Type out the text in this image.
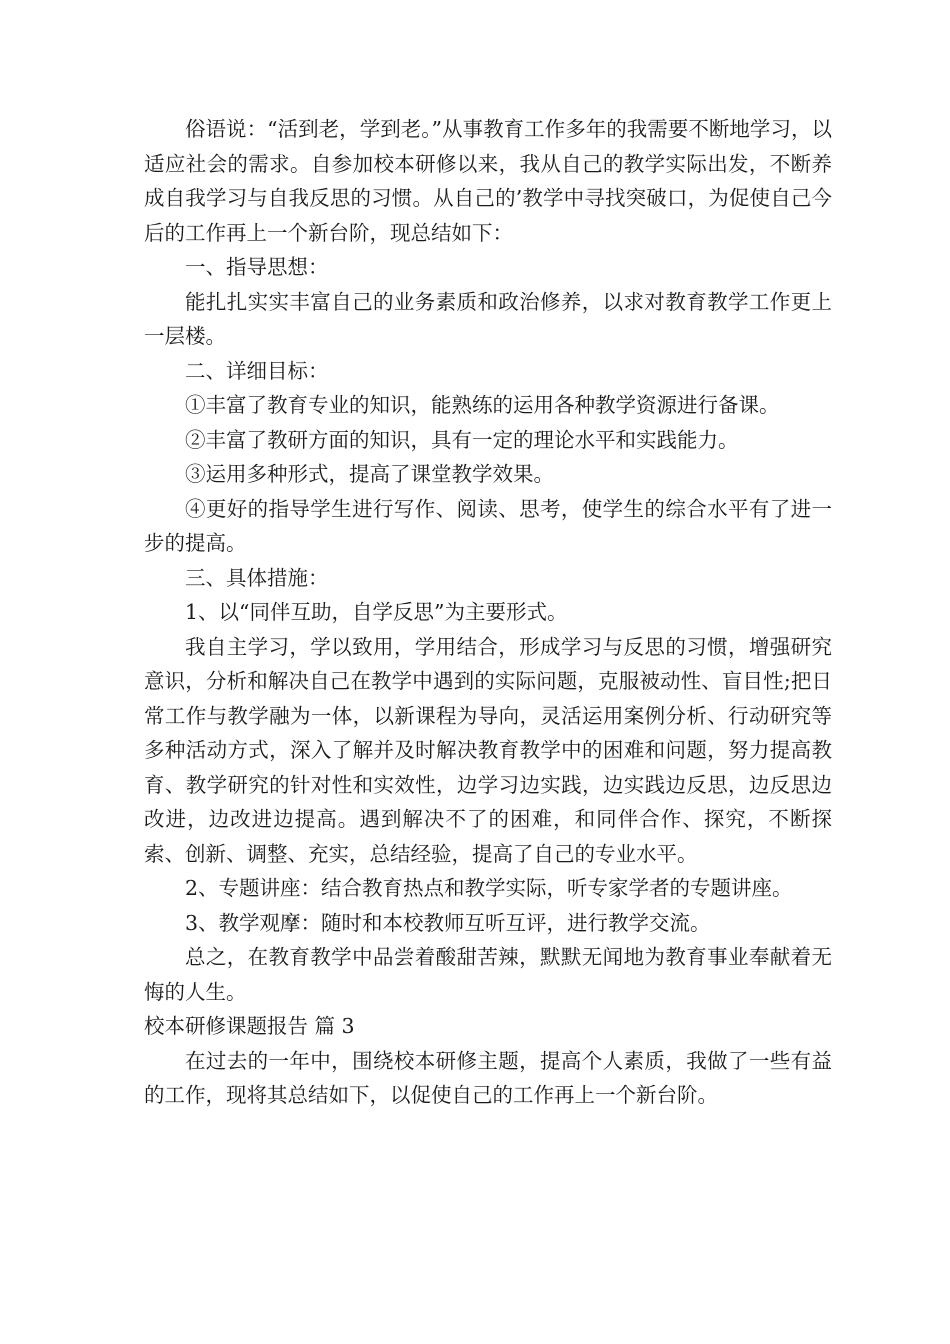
俗语说：“活到老，学到老。”从事教育工作多年的我需要不断地学习，以适应社会的需求。自参加校本研修以来，我从自己的教学实际出发，不断养成自我学习与自我反思的习惯。从自己的’教学中寻找突破口，为促使自己今后的工作再上一个新台阶，现总结如下：

一、指导思想：

能扎扎实实丰富自己的业务素质和政治修养，以求对教育教学工作更上一层楼。

二、详细目标：

①丰富了教育专业的知识，能熟练的运用各种教学资源进行备课。

②丰富了教研方面的知识，具有一定的理论水平和实践能力。

③运用多种形式，提高了课堂教学效果。

④更好的指导学生进行写作、阅读、思考，使学生的综合水平有了进一步的提高。

三、具体措施：

1、以“同伴互助，自学反思”为主要形式。

我自主学习，学以致用，学用结合，形成学习与反思的习惯，增强研究意识，分析和解决自己在教学中遇到的实际问题，克服被动性、盲目性;把日常工作与教学融为一体，以新课程为导向，灵活运用案例分析、行动研究等多种活动方式，深入了解并及时解决教育教学中的困难和问题，努力提高教育、教学研究的针对性和实效性，边学习边实践，边实践边反思，边反思边改进，边改进边提高。遇到解决不了的困难，和同伴合作、探究，不断探索、创新、调整、充实，总结经验，提高了自己的专业水平。

2、专题讲座：结合教育热点和教学实际，听专家学者的专题讲座。

3、教学观摩：随时和本校教师互听互评，进行教学交流。

总之，在教育教学中品尝着酸甜苦辣，默默无闻地为教育事业奉献着无悔的人生。

校本研修课题报告 篇 3

在过去的一年中，围绕校本研修主题，提高个人素质，我做了一些有益的工作，现将其总结如下，以促使自己的工作再上一个新台阶。
